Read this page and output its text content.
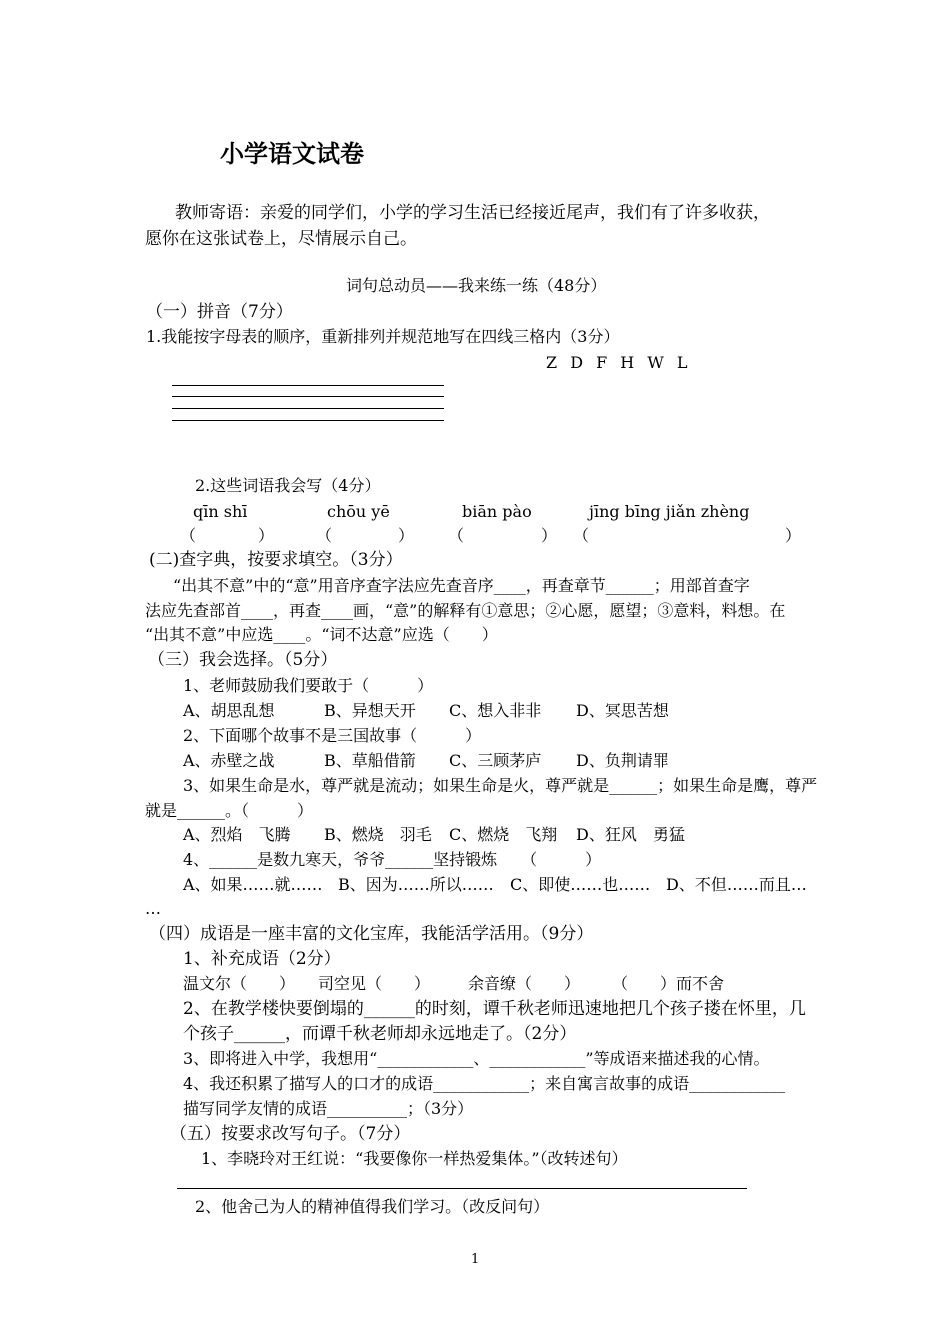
小学语文试卷
教师寄语：亲爱的同学们，小学的学习生活已经接近尾声，我们有了许多收获，
愿你在这张试卷上，尽情展示自己。
词句总动员——我来练一练（48分）
（一）拼音（7分）
1.我能按字母表的顺序，重新排列并规范地写在四线三格内（3分）
Z D F H W L
2.这些词语我会写（4分）
qīn shī	chōu yē	biān pào	jīng bīng jiǎn zhèng
（	）	（	） （	） （	）
(二)查字典，按要求填空。（3分）
“出其不意”中的“意”用音序查字法应先查音序____，再查章节______；用部首查字
法应先查部首____，再查____画，“意”的解释有①意思；②心愿，愿望；③意料，料想。在
“出其不意”中应选____。“词不达意”应选（　　）
（三）我会选择。（5分）
1、老师鼓励我们要敢于（　　　）
A、胡思乱想	B、异想天开 C、想入非非 D、冥思苦想
2、下面哪个故事不是三国故事（　　　）
A、赤壁之战	B、草船借箭 C、三顾茅庐 D、负荆请罪
3、如果生命是水，尊严就是流动；如果生命是火，尊严就是______；如果生命是鹰，尊严
就是______。（　　　）
A、烈焰　飞腾 B、燃烧　羽毛 C、燃烧　飞翔 D、狂风　勇猛
4、______是数九寒天，爷爷______坚持锻炼　　（　　　）
A、如果……就…… B、因为……所以…… C、即使……也…… D、不但……而且…
…
（四）成语是一座丰富的文化宝库，我能活学活用。（9分）
1、补充成语（2分）
温文尔（　　） 司空见（　　） 余音缭（　　） （　　）而不舍
2、在教学楼快要倒塌的______的时刻，谭千秋老师迅速地把几个孩子搂在怀里，几
个孩子______，而谭千秋老师却永远地走了。（2分）
3、即将进入中学，我想用“____________、____________”等成语来描述我的心情。
4、我还积累了描写人的口才的成语____________；来自寓言故事的成语____________
描写同学友情的成语__________；（3分）
（五）按要求改写句子。（7分）
1、李晓玲对王红说：“我要像你一样热爱集体。”（改转述句）
2、他舍己为人的精神值得我们学习。（改反问句）
1
